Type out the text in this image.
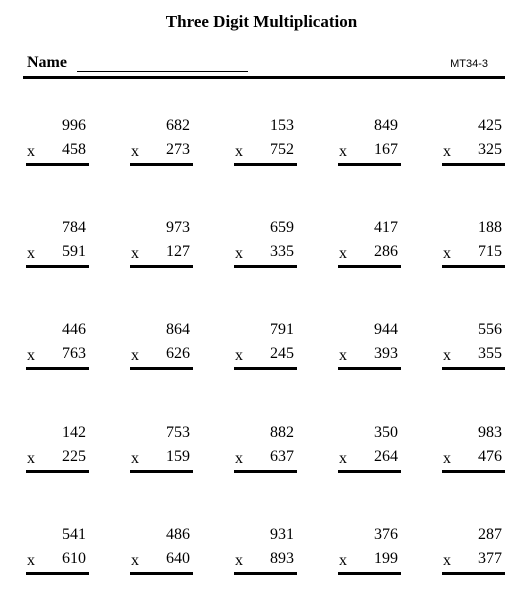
Three Digit Multiplication
Name	MT34-3
996
x 458
682
x 273
153
x 752
849
x 167
425
x 325
784
x 591
973
x 127
659
x 335
417
x 286
188
x 715
446
x 763
864
x 626
791
x 245
944
x 393
556
x 355
142
x 225
753
x 159
882
x 637
350
x 264
983
x 476
541
x 610
486
x 640
931
x 893
376
x 199
287
x 377
